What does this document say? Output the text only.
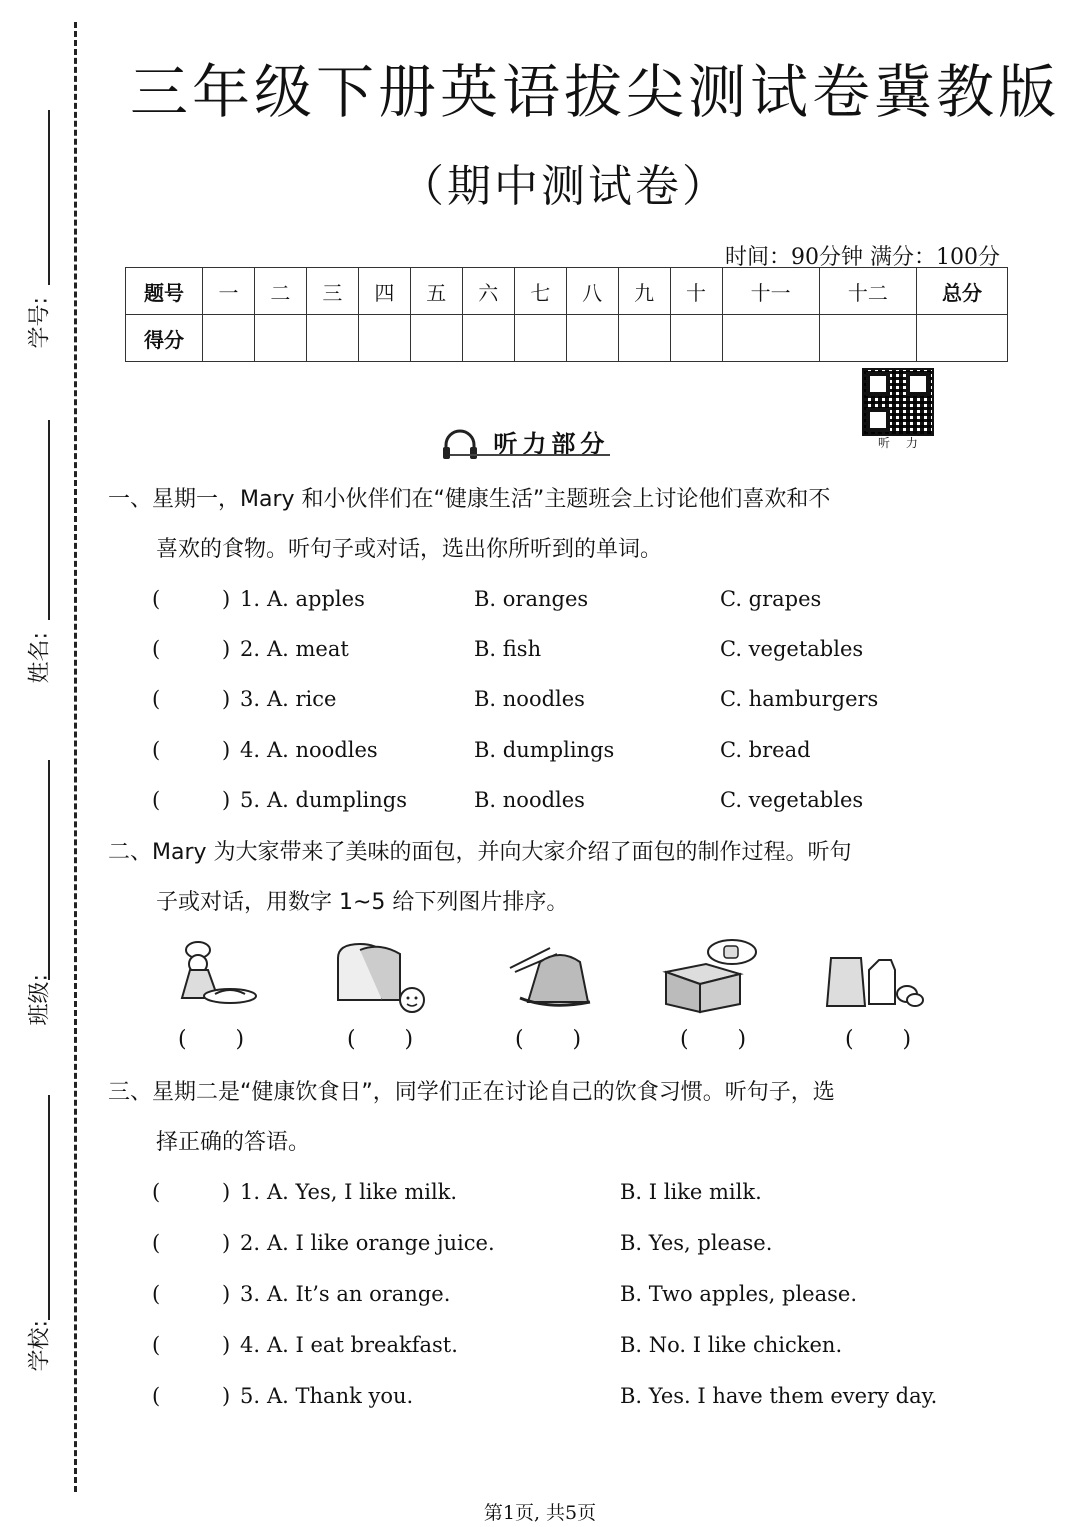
学号:
姓名:
班级:
学校:
三年级下册英语拔尖测试卷冀教版
（期中测试卷）
时间：90分钟 满分：100分
题号	一	二	三	四	五	六	七	八	九	十	十一	十二	总分
得分													
听 力
听力部分
一、星期一，Mary 和小伙伴们在“健康生活”主题班会上讨论他们喜欢和不
喜欢的食物。听句子或对话，选出你所听到的单词。
(	) 1. A. apples	B. oranges	C. grapes
(	) 2. A. meat	B. fish	C. vegetables
(	) 3. A. rice	B. noodles	C. hamburgers
(	) 4. A. noodles	B. dumplings	C. bread
(	) 5. A. dumplings	B. noodles	C. vegetables
二、Mary 为大家带来了美味的面包，并向大家介绍了面包的制作过程。听句
子或对话，用数字 1~5 给下列图片排序。
(       )	(       )	(       )	(       )	(       )
三、星期二是“健康饮食日”，同学们正在讨论自己的饮食习惯。听句子，选
择正确的答语。
(	) 1. A. Yes, I like milk.	B. I like milk.
(	) 2. A. I like orange juice.	B. Yes, please.
(	) 3. A. It’s an orange.	B. Two apples, please.
(	) 4. A. I eat breakfast.	B. No. I like chicken.
(	) 5. A. Thank you.	B. Yes. I have them every day.
第1页, 共5页
